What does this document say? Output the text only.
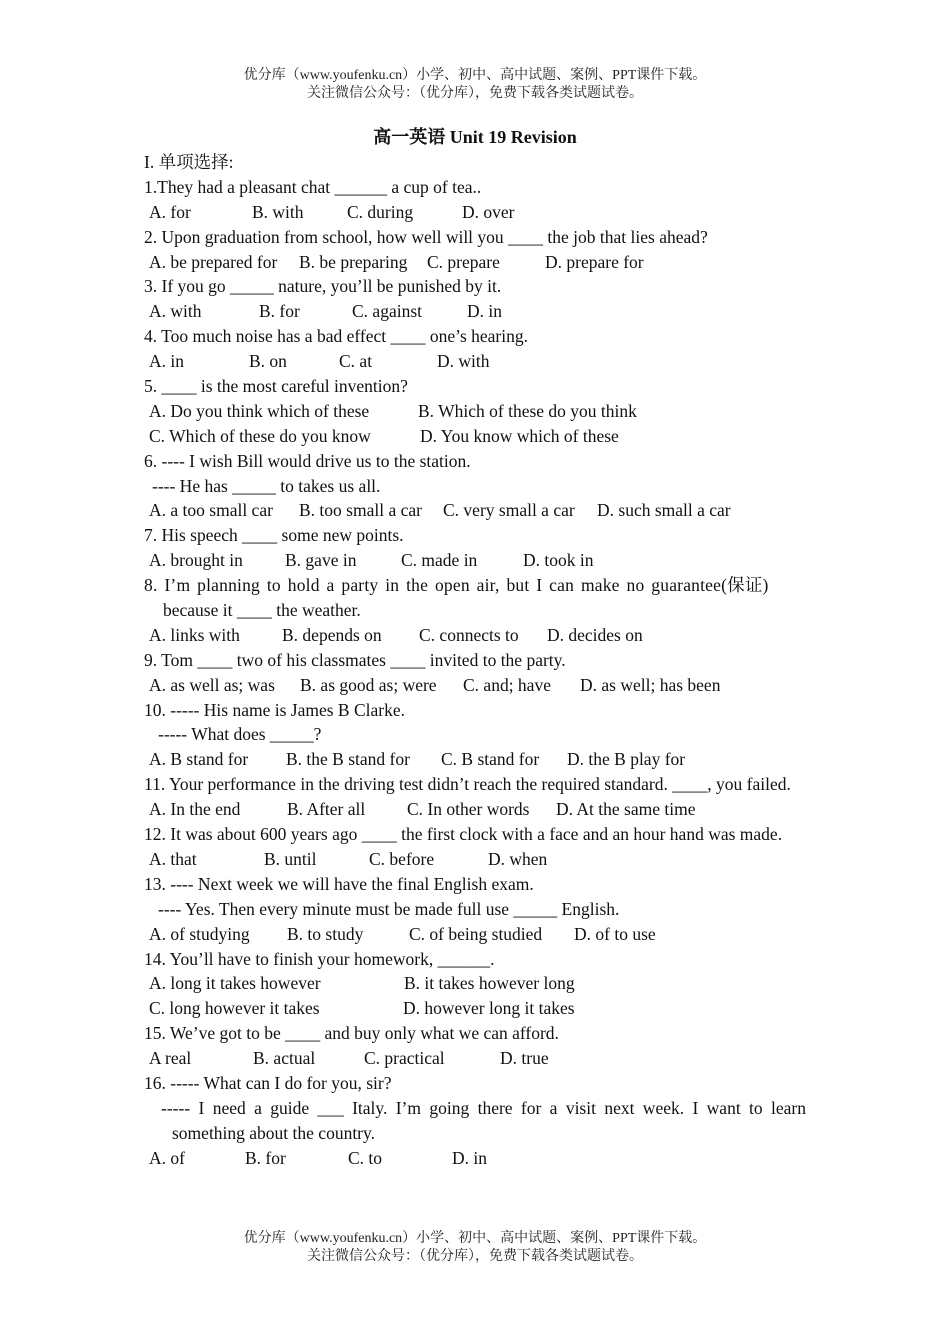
优分库（www.youfenku.cn）小学、初中、高中试题、案例、PPT课件下载。
关注微信公众号：（优分库），免费下载各类试题试卷。
高一英语 Unit 19 Revision
I. 单项选择:
1.They had a pleasant chat ______ a cup of tea..
A. for	B. with	C. during	D. over
2. Upon graduation from school, how well will you ____ the job that lies ahead?
A. be prepared for	B. be preparing	C. prepare	D. prepare for
3. If you go _____ nature, you’ll be punished by it.
A. with	B. for	C. against	D. in
4. Too much noise has a bad effect ____ one’s hearing.
A. in	B. on	C. at	D. with
5. ____ is the most careful invention?
A. Do you think which of these	B. Which of these do you think
C. Which of these do you know	D. You know which of these
6. ---- I wish Bill would drive us to the station.
---- He has _____ to takes us all.
A. a too small car	B. too small a car	C. very small a car	D. such small a car
7. His speech ____ some new points.
A. brought in	B. gave in	C. made in	D. took in
8. I’m planning to hold a party in the open air, but I can make no guarantee(保证)
because it ____ the weather.
A. links with	B. depends on	C. connects to	D. decides on
9. Tom ____ two of his classmates ____ invited to the party.
A. as well as; was	B. as good as; were	C. and; have	D. as well; has been
10. ----- His name is James B Clarke.
----- What does _____?
A. B stand for	B. the B stand for	C. B stand for	D. the B play for
11. Your performance in the driving test didn’t reach the required standard. ____, you failed.
A. In the end	B. After all	C. In other words	D. At the same time
12. It was about 600 years ago ____ the first clock with a face and an hour hand was made.
A. that	B. until	C. before	D. when
13. ---- Next week we will have the final English exam.
---- Yes. Then every minute must be made full use _____ English.
A. of studying	B. to study	C. of being studied	D. of to use
14. You’ll have to finish your homework, ______.
A. long it takes however	B. it takes however long
C. long however it takes	D. however long it takes
15. We’ve got to be ____ and buy only what we can afford.
A real	B. actual	C. practical	D. true
16. ----- What can I do for you, sir?
----- I need a guide ___ Italy. I’m going there for a visit next week. I want to learn something about the country.
A. of	B. for	C. to	D. in
优分库（www.youfenku.cn）小学、初中、高中试题、案例、PPT课件下载。
关注微信公众号：（优分库），免费下载各类试题试卷。
